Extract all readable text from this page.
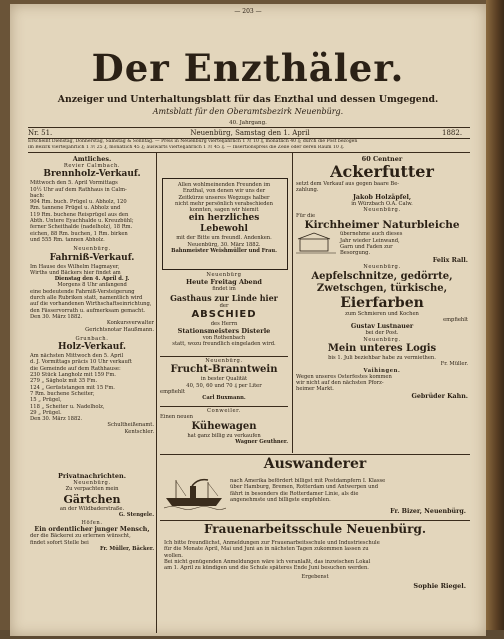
— 203 —
Der Enzthäler.
Anzeiger und Unterhaltungsblatt für das Enzthal und dessen Umgegend.
Amtsblatt für den Oberamtsbezirk Neuenbürg.
40. Jahrgang.
Nr. 51.	Neuenbürg, Samstag den 1. April	1882.
Erscheint Dienstag, Donnerstag, Samstag & Sonntag. — Preis in Neuenbürg vierteljährlich 1 ℳ 10 ₰, monatlich 40 ₰; durch die Post bezogen
im Bezirk vierteljährlich 1 ℳ 25 ₰, monatlich 45 ₰; auswärts vierteljährlich 1 ℳ 45 ₰. — Insertionspreis die Zeile oder deren Raum 10 ₰.
Amtliches.
Revier Calmbach.
Brennholz-Verkauf.

Mittwoch den 5. April Vormittags

10½ Uhr auf dem Rathhaus in Calm-

bach:

904 Rm. buch. Prügel u. Abholz, 120

Rm. tannene Prügel u. Abholz und

119 Rm. buchene Reisprügel aus den

Abth. Untere Eyachhalde u. Kreuzbühl;

ferner Scheithalde (nadelholz), 18 Rm.

eichen, 88 Rm. buchen, 1 Rm. birken

und 555 Rm. tannen Abholz.

Neuenbürg.
Fahrniß-Verkauf.

Im Hause des Wilhelm Hagmayer,

Wirths und Bäckers hier findet am

Dienstag den 4. April d. J.

Morgens 8 Uhr anfangend

eine bedeutende Fahrniß-Versteigerung

durch alle Rubriken statt, namentlich wird

auf die vorhandenen Wirthschaftseinrichtung,

den Fässervorrath u. aufmerksam gemacht.

Den 30. März 1882.

Konkursverwalter
Gerichtsnotar Haußmann.
Grunbach.
Holz-Verkauf.

Am nächsten Mittwoch den 5. April

d. J. Vormittags präcis 10 Uhr verkauft

die Gemeinde auf dem Rathhause:

230 Stück Langholz mit 159 Fm.

279 „ Sägholz mit 35 Fm.

124 „ Gerüststangen mit 15 Fm.

7 Rm. buchene Scheiter,

15 „ Prügel,

118 „ Scheiter u. Nadelholz,

29 „ Prügel.

Den 30. März 1882.
Schultheißenamt.
Kentschler.

Allen wohlmeinenden Freunden im

Enzthal, von denen wir uns der

Zeitkürze unseres Wegzugs halber

nicht mehr persönlich verabschieden

konnten, sagen wir hiemit

ein herzliches
Lebewohl
mit der Bitte um freundl. Andenken.
Neuenbürg, 30. März 1882.
Bahnmeister Weishmüller und Frau.
Neuenbürg
Heute Freitag Abend
findet im
Gasthaus zur Linde hier
der
ABSCHIED
des Herrn
Stationsmeisters Disterle
von Rothenbach
statt, wozu freundlich eingeladen wird.
Neuenbürg.
Frucht-Branntwein
in bester Qualität
40, 50, 60 und 70 ₰ per Liter
empfiehlt
Carl Buxmann.
Conweiler.
Einen neuen
Kühewagen
hat ganz billig zu verkaufen
Wagner Geuthner.
60 Centner
Ackerfutter

setzt dem Verkauf aus gegen baare Be-

zahlung.

Jakob Holzäpfel,
in Würzbach O.A. Calw.
Neuenbürg.
Für die
Kirchheimer Naturbleiche

übernehme auch dieses

Jahr wieder Leinwand,

Garn und Faden zur

Besorgung.

Felix Rall.
Neuenbürg.
Aepfelschnitze, gedörrte,
Zwetschgen, türkische,
Eierfarben
zum Schmieren und Kochen
empfiehlt
Gustav Lustnauer
bei der Post.
Neuenbürg.
Mein unteres Logis
bis 1. Juli beziehbar habe zu vermiethen.
Fr. Müller.
Vaihingen.

Wegen unseres Osterfestes kommen

wir nicht auf den nächsten Pforz-

heimer Markt.

Gebrüder Kahn.
Privatnachrichten.
Neuenbürg.
Zu verpachten mein
Gärtchen
an der Wildbaderstraße.
G. Stengele.
Höfen.
Ein ordentlicher junger Mensch,

der die Bäckerei zu erlernen wünscht,

findet sofort Stelle bei

Fr. Müller, Bäcker.
Auswanderer

nach Amerika befördert billigst mit Postdampfern I. Klasse

über Hamburg, Bremen, Rotterdam und Antwerpen und

fährt in besonders die Rotterdamer Linie, als die

angenehmste und billigste empfehlen.

Fr. Bizer, Neuenbürg.
Frauenarbeitsschule Neuenbürg.

Ich bitte freundlichst, Anmeldungen zur Frauenarbeitsschule und Industrieschule

für die Monate April, Mai und Juni an in nächsten Tagen zukommen lassen zu

wollen.

Bei nicht genügenden Anmeldungen wäre ich veranlaßt, das inzwischen Lokal

am 1. April zu kündigen und die Schule späteres Ende Juni besuchen werden.

Ergebenst
Sophie Riegel.
